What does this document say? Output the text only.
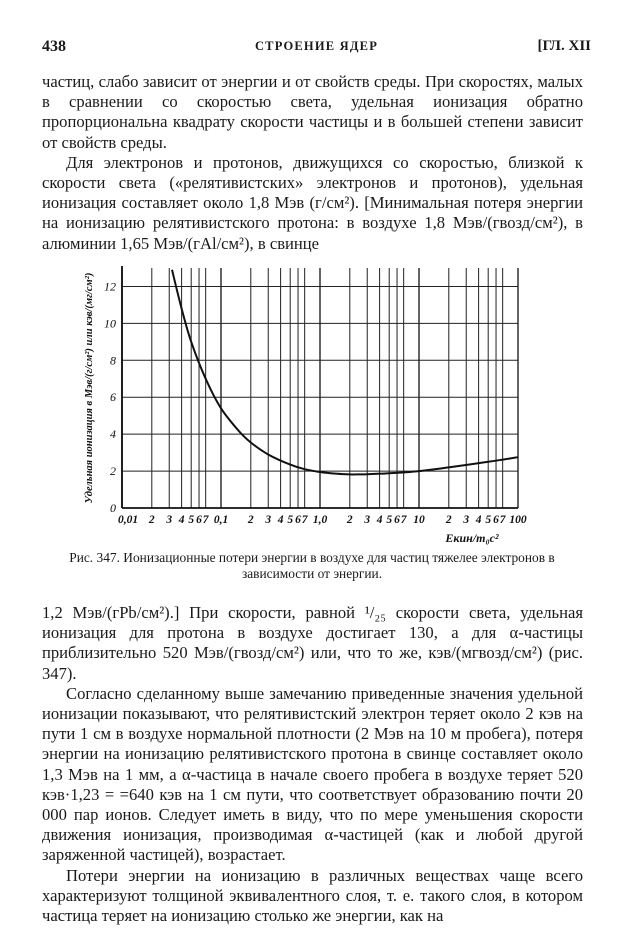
438	СТРОЕНИЕ ЯДЕР	[ГЛ. XII

частиц, слабо зависит от энергии и от свойств среды. При скоростях, малых в сравнении со скоростью света, удельная ионизация обратно пропорциональна квадрату скорости частицы и в большей степени зависит от свойств среды.

Для электронов и протонов, движущихся со скоростью, близкой к скорости света («релятивистских» электронов и протонов), удельная ионизация составляет около 1,8 Мэв (г/см²). [Минимальная потеря энергии на ионизацию релятивистского протона: в воздухе 1,8 Мэв/(гвозд/см²), в алюминии 1,65 Мэв/(гAl/см²), в свинце

0,01 2 3 4 5 6 7 0,1 2 3 4 5 6 7 1,0 2 3 4 5 6 7 10 2 3 4 5 6 7 100
0
2
4
6
8
10
12
Удельная ионизация в Мэв/(г/см²) или кэв/(мг/см²)
Eкин/m₀c²
Рис. 347. Ионизационные потери энергии в воздухе для частиц тяжелее электронов в зависимости от энергии.

1,2 Мэв/(гPb/см²).] При скорости, равной ¹/₂₅ скорости света, удельная ионизация для протона в воздухе достигает 130, а для α-частицы приблизительно 520 Мэв/(гвозд/см²) или, что то же, кэв/(мгвозд/см²) (рис. 347).

Согласно сделанному выше замечанию приведенные значения удельной ионизации показывают, что релятивистский электрон теряет около 2 кэв на пути 1 см в воздухе нормальной плотности (2 Мэв на 10 м пробега), потеря энергии на ионизацию релятивистского протона в свинце составляет около 1,3 Мэв на 1 мм, а α-частица в начале своего пробега в воздухе теряет 520 кэв·1,23 = =640 кэв на 1 см пути, что соответствует образованию почти 20 000 пар ионов. Следует иметь в виду, что по мере уменьшения скорости движения ионизация, производимая α-частицей (как и любой другой заряженной частицей), возрастает.

Потери энергии на ионизацию в различных веществах чаще всего характеризуют толщиной эквивалентного слоя, т. е. такого слоя, в котором частица теряет на ионизацию столько же энергии, как на
